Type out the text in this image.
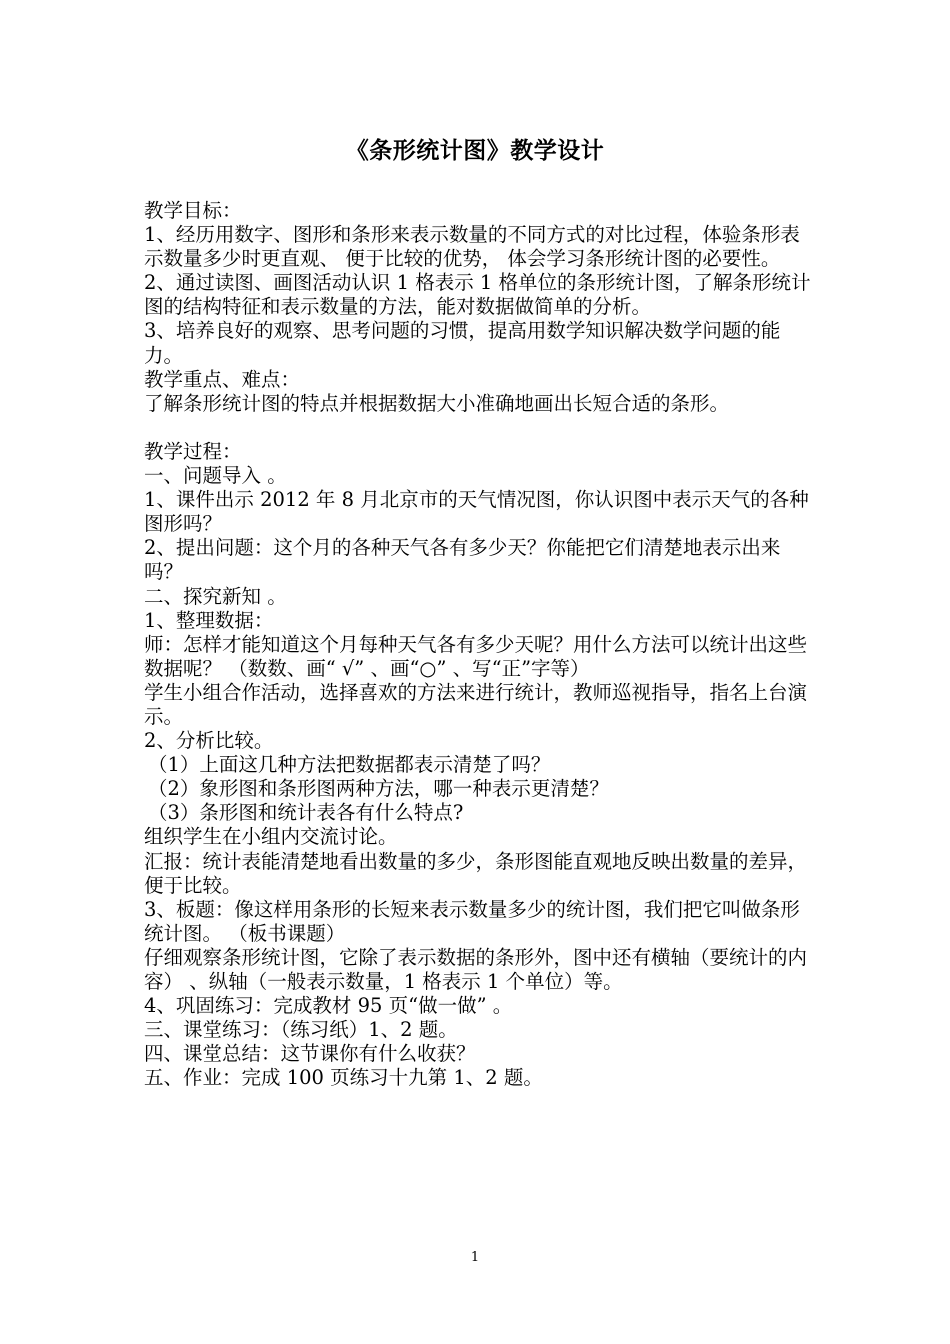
《条形统计图》教学设计

教学目标：

1、经历用数字、图形和条形来表示数量的不同方式的对比过程，体验条形表示数量多少时更直观、 便于比较的优势， 体会学习条形统计图的必要性。

2、通过读图、画图活动认识 1 格表示 1 格单位的条形统计图，了解条形统计图的结构特征和表示数量的方法，能对数据做简单的分析。

3、培养良好的观察、思考问题的习惯，提高用数学知识解决数学问题的能力。

教学重点、难点：

了解条形统计图的特点并根据数据大小准确地画出长短合适的条形。

教学过程：

一、问题导入 。

1、课件出示 2012 年 8 月北京市的天气情况图，你认识图中表示天气的各种图形吗？

2、提出问题：这个月的各种天气各有多少天？你能把它们清楚地表示出来吗？

二、探究新知 。

1、整理数据：

师：怎样才能知道这个月每种天气各有多少天呢？用什么方法可以统计出这些数据呢？ （数数、画“ √” 、画“○” 、写“正”字等）

学生小组合作活动，选择喜欢的方法来进行统计，教师巡视指导，指名上台演示。

2、分析比较。

（1）上面这几种方法把数据都表示清楚了吗？

（2）象形图和条形图两种方法，哪一种表示更清楚？

（3）条形图和统计表各有什么特点?

组织学生在小组内交流讨论。

汇报：统计表能清楚地看出数量的多少，条形图能直观地反映出数量的差异，便于比较。

3、板题：像这样用条形的长短来表示数量多少的统计图，我们把它叫做条形统计图。 （板书课题）

仔细观察条形统计图，它除了表示数据的条形外，图中还有横轴（要统计的内容） 、纵轴（一般表示数量，1 格表示 1 个单位）等。

4、巩固练习：完成教材 95 页“做一做” 。

三、课堂练习：（练习纸）1、2 题。

四、课堂总结：这节课你有什么收获？

五、作业：完成 100 页练习十九第 1、2 题。

1
